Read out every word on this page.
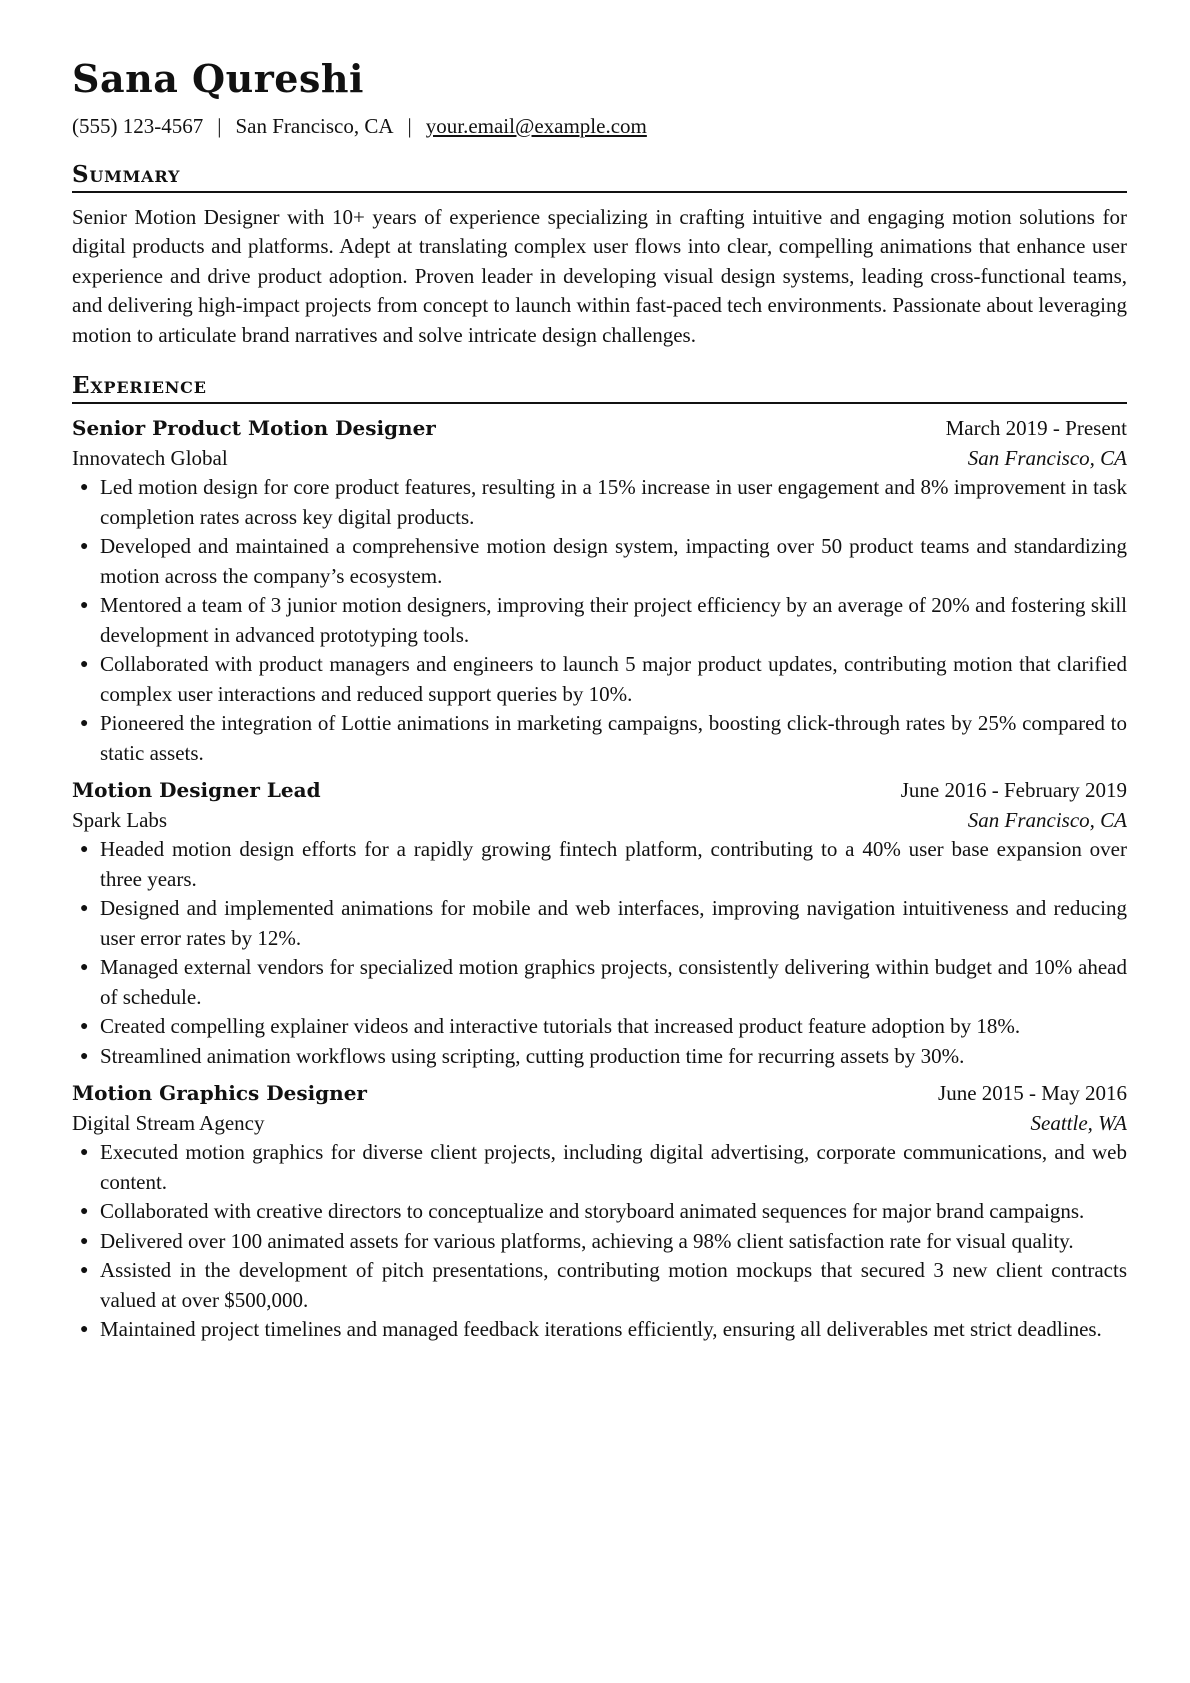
Sana Qureshi
(555) 123-4567 | San Francisco, CA | your.email@example.com
Summary

Senior Motion Designer with 10+ years of experience specializing in crafting intuitive and engaging motion solutions for digital products and platforms. Adept at translating complex user flows into clear, compelling animations that enhance user experience and drive product adoption. Proven leader in developing visual design systems, leading cross-functional teams, and delivering high-impact projects from concept to launch within fast-paced tech environments. Passionate about leveraging motion to articulate brand narratives and solve intricate design challenges.

Experience
Senior Product Motion Designer	March 2019 - Present
Innovatech Global	San Francisco, CA
● Led motion design for core product features, resulting in a 15% increase in user engagement and 8% improvement in task completion rates across key digital products.
● Developed and maintained a comprehensive motion design system, impacting over 50 product teams and standardizing motion across the company’s ecosystem.
● Mentored a team of 3 junior motion designers, improving their project efficiency by an average of 20% and fostering skill development in advanced prototyping tools.
● Collaborated with product managers and engineers to launch 5 major product updates, contributing motion that clarified complex user interactions and reduced support queries by 10%.
● Pioneered the integration of Lottie animations in marketing campaigns, boosting click-through rates by 25% compared to static assets.
Motion Designer Lead	June 2016 - February 2019
Spark Labs	San Francisco, CA
● Headed motion design efforts for a rapidly growing fintech platform, contributing to a 40% user base expansion over three years.
● Designed and implemented animations for mobile and web interfaces, improving navigation intuitiveness and reducing user error rates by 12%.
● Managed external vendors for specialized motion graphics projects, consistently delivering within budget and 10% ahead of schedule.
● Created compelling explainer videos and interactive tutorials that increased product feature adoption by 18%.
● Streamlined animation workflows using scripting, cutting production time for recurring assets by 30%.
Motion Graphics Designer	June 2015 - May 2016
Digital Stream Agency	Seattle, WA
● Executed motion graphics for diverse client projects, including digital advertising, corporate communications, and web content.
● Collaborated with creative directors to conceptualize and storyboard animated sequences for major brand campaigns.
● Delivered over 100 animated assets for various platforms, achieving a 98% client satisfaction rate for visual quality.
● Assisted in the development of pitch presentations, contributing motion mockups that secured 3 new client contracts valued at over $500,000.
● Maintained project timelines and managed feedback iterations efficiently, ensuring all deliverables met strict deadlines.
